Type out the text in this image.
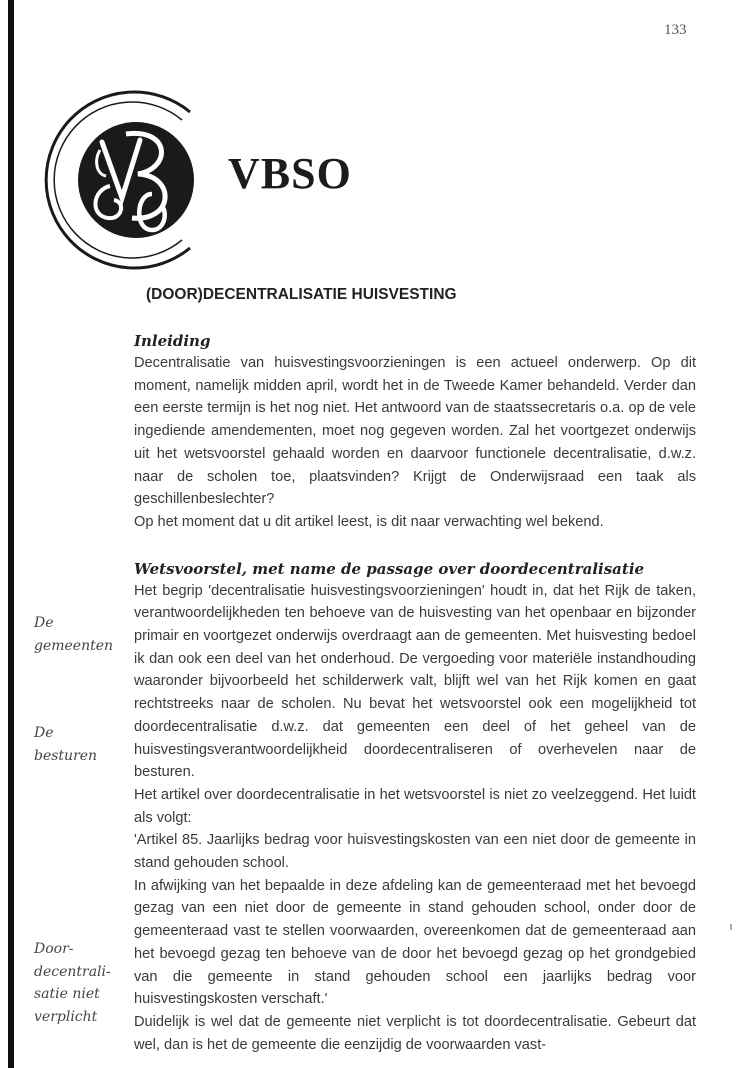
133
VBSO
(DOOR)DECENTRALISATIE HUISVESTING
Inleiding

Decentralisatie van huisvestingsvoorzieningen is een actueel onderwerp. Op dit moment, namelijk midden april, wordt het in de Tweede Kamer behandeld. Verder dan een eerste termijn is het nog niet. Het antwoord van de staatssecretaris o.a. op de vele ingediende amendementen, moet nog gegeven worden. Zal het voortgezet onderwijs uit het wetsvoorstel gehaald worden en daarvoor functionele decentralisatie, d.w.z. naar de scholen toe, plaatsvinden? Krijgt de Onderwijsraad een taak als geschillenbeslechter?

Op het moment dat u dit artikel leest, is dit naar verwachting wel bekend.

Wetsvoorstel, met name de passage over doordecentralisatie

Het begrip 'decentralisatie huisvestingsvoorzieningen' houdt in, dat het Rijk de taken, verantwoordelijkheden ten behoeve van de huisvesting van het openbaar en bijzonder primair en voortgezet onderwijs overdraagt aan de gemeenten. Met huisvesting bedoel ik dan ook een deel van het onderhoud. De vergoeding voor materiële instandhouding waaronder bijvoorbeeld het schilderwerk valt, blijft wel van het Rijk komen en gaat rechtstreeks naar de scholen. Nu bevat het wetsvoorstel ook een mogelijkheid tot doordecentralisatie d.w.z. dat gemeenten een deel of het geheel van de huisvestingsverantwoordelijkheid doordecentraliseren of overhevelen naar de besturen.

Het artikel over doordecentralisatie in het wetsvoorstel is niet zo veelzeggend. Het luidt als volgt:

'Artikel 85. Jaarlijks bedrag voor huisvestingskosten van een niet door de gemeente in stand gehouden school.

In afwijking van het bepaalde in deze afdeling kan de gemeenteraad met het bevoegd gezag van een niet door de gemeente in stand gehouden school, onder door de gemeenteraad vast te stellen voorwaarden, overeenkomen dat de gemeenteraad aan het bevoegd gezag ten behoeve van de door het bevoegd gezag op het grondgebied van die gemeente in stand gehouden school een jaarlijks bedrag voor huisvestingskosten verschaft.'

Duidelijk is wel dat de gemeente niet verplicht is tot doordecentralisatie. Gebeurt dat wel, dan is het de gemeente die eenzijdig de voorwaarden vast-

De
gemeenten
De
besturen
Door-
decentrali-
satie niet
verplicht
